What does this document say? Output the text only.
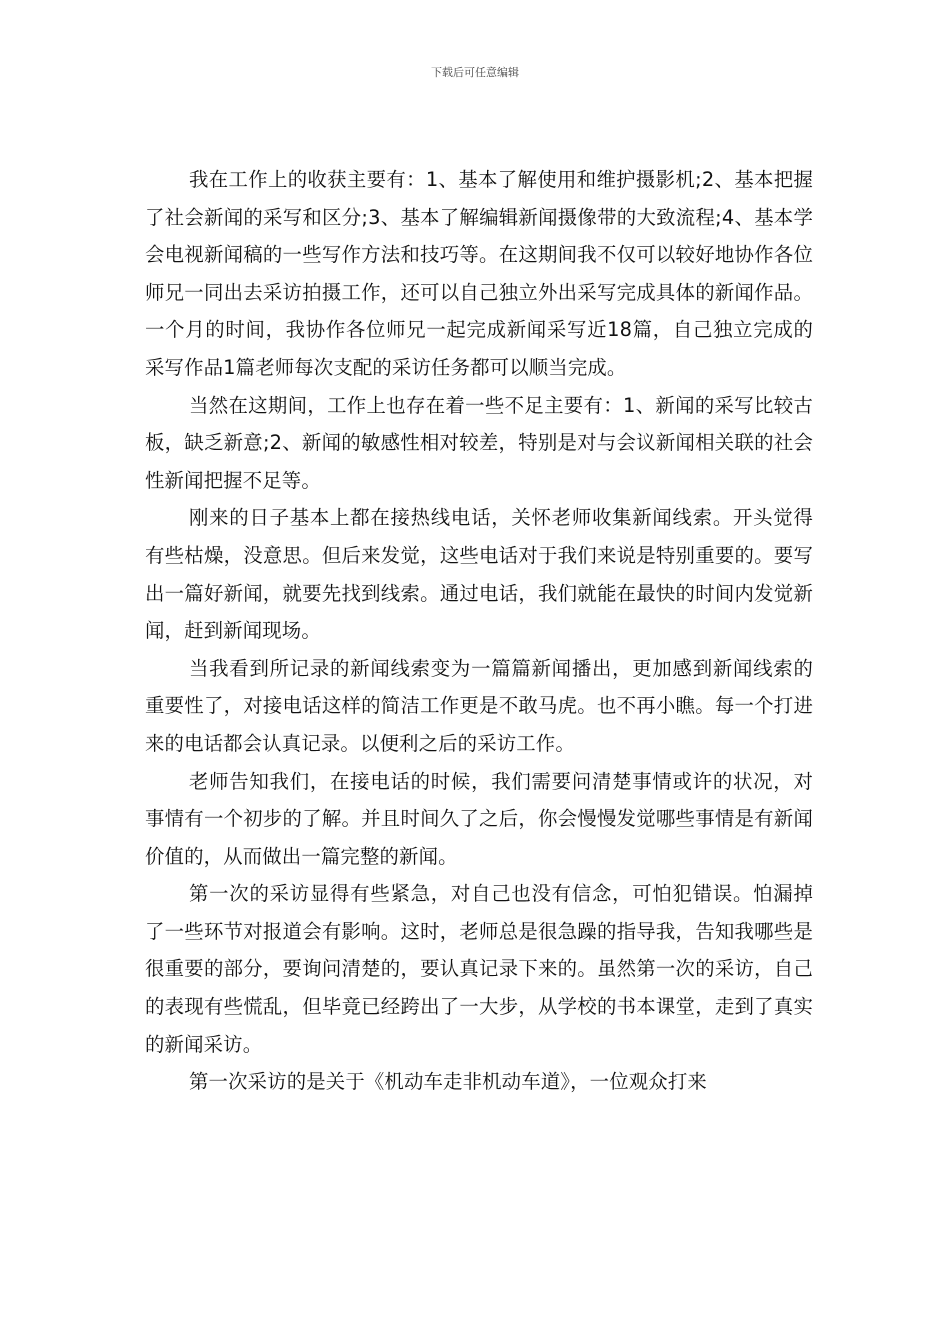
下载后可任意编辑

我在工作上的收获主要有：1、基本了解使用和维护摄影机;2、基本把握了社会新闻的采写和区分;3、基本了解编辑新闻摄像带的大致流程;4、基本学会电视新闻稿的一些写作方法和技巧等。在这期间我不仅可以较好地协作各位师兄一同出去采访拍摄工作，还可以自己独立外出采写完成具体的新闻作品。一个月的时间，我协作各位师兄一起完成新闻采写近18篇，自己独立完成的采写作品1篇老师每次支配的采访任务都可以顺当完成。

当然在这期间，工作上也存在着一些不足主要有：1、新闻的采写比较古板，缺乏新意;2、新闻的敏感性相对较差，特别是对与会议新闻相关联的社会性新闻把握不足等。

刚来的日子基本上都在接热线电话，关怀老师收集新闻线索。开头觉得有些枯燥，没意思。但后来发觉，这些电话对于我们来说是特别重要的。要写出一篇好新闻，就要先找到线索。通过电话，我们就能在最快的时间内发觉新闻，赶到新闻现场。

当我看到所记录的新闻线索变为一篇篇新闻播出，更加感到新闻线索的重要性了，对接电话这样的简洁工作更是不敢马虎。也不再小瞧。每一个打进来的电话都会认真记录。以便利之后的采访工作。

老师告知我们，在接电话的时候，我们需要问清楚事情或许的状况，对事情有一个初步的了解。并且时间久了之后，你会慢慢发觉哪些事情是有新闻价值的，从而做出一篇完整的新闻。

第一次的采访显得有些紧急，对自己也没有信念，可怕犯错误。怕漏掉了一些环节对报道会有影响。这时，老师总是很急躁的指导我，告知我哪些是很重要的部分，要询问清楚的，要认真记录下来的。虽然第一次的采访，自己的表现有些慌乱，但毕竟已经跨出了一大步，从学校的书本课堂，走到了真实的新闻采访。

第一次采访的是关于《机动车走非机动车道》，一位观众打来
